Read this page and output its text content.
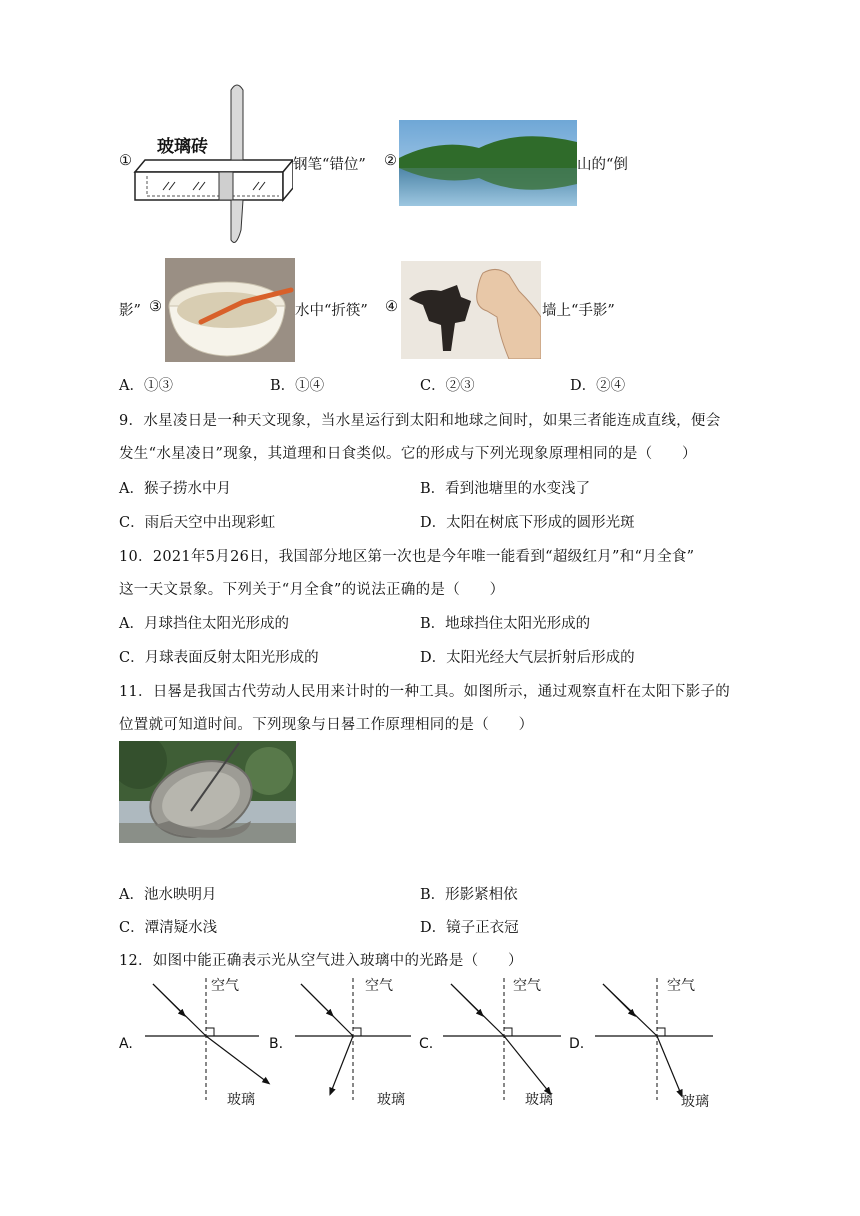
①
玻璃砖
钢笔“错位” ②	山的“倒
影” ③	水中“折筷” ④	墙上“手影”
A．①③	B．①④	C．②③	D．②④
9．水星凌日是一种天文现象，当水星运行到太阳和地球之间时，如果三者能连成直线，便会
发生“水星凌日”现象，其道理和日食类似。它的形成与下列光现象原理相同的是（　　）
A．猴子捞水中月	B．看到池塘里的水变浅了
C．雨后天空中出现彩虹	D．太阳在树底下形成的圆形光斑
10．2021年5月26日，我国部分地区第一次也是今年唯一能看到“超级红月”和“月全食”
这一天文景象。下列关于“月全食”的说法正确的是（　　）
A．月球挡住太阳光形成的	B．地球挡住太阳光形成的
C．月球表面反射太阳光形成的	D．太阳光经大气层折射后形成的
11．日晷是我国古代劳动人民用来计时的一种工具。如图所示，通过观察直杆在太阳下影子的
位置就可知道时间。下列现象与日晷工作原理相同的是（　　）
A．池水映明月	B．形影紧相依
C．潭清疑水浅	D．镜子正衣冠
12．如图中能正确表示光从空气进入玻璃中的光路是（　　）
A.
空气
玻璃
B.
空气
玻璃
C.
空气
玻璃
D.
空气
玻璃
